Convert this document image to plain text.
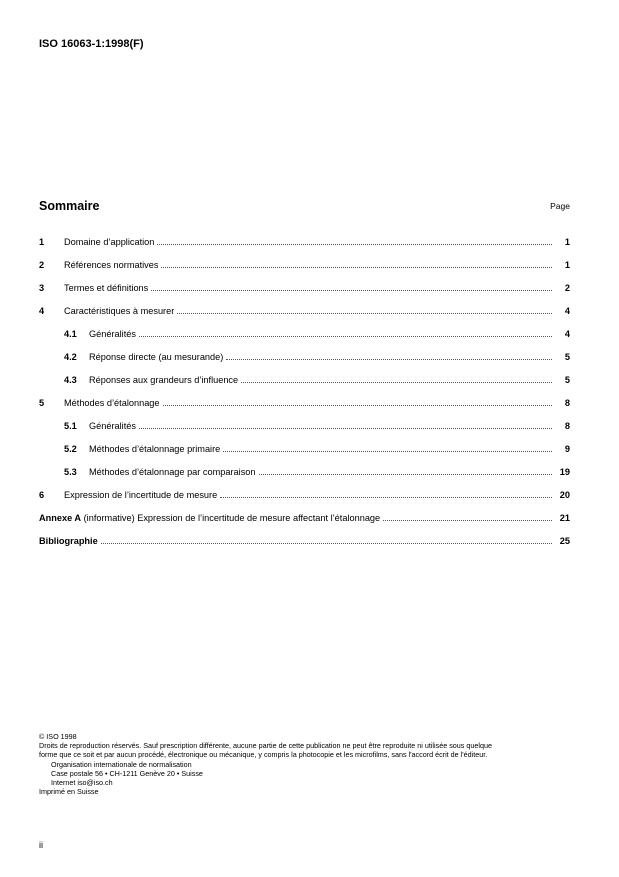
ISO 16063-1:1998(F)
Sommaire	Page
1	Domaine d’application	1
2	Références normatives	1
3	Termes et définitions	2
4	Caractéristiques à mesurer	4
4.1	Généralités	4
4.2	Réponse directe (au mesurande)	5
4.3	Réponses aux grandeurs d’influence	5
5	Méthodes d’étalonnage	8
5.1	Généralités	8
5.2	Méthodes d’étalonnage primaire	9
5.3	Méthodes d’étalonnage par comparaison	19
6	Expression de l’incertitude de mesure	20
Annexe A (informative) Expression de l’incertitude de mesure affectant l’étalonnage	21
Bibliographie	25
© ISO 1998
Droits de reproduction réservés. Sauf prescription différente, aucune partie de cette publication ne peut être reproduite ni utilisée sous quelque
forme que ce soit et par aucun procédé, électronique ou mécanique, y compris la photocopie et les microfilms, sans l'accord écrit de l'éditeur.
Organisation internationale de normalisation
Case postale 56 • CH-1211 Genève 20 • Suisse
Internet iso@iso.ch
Imprimé en Suisse
ii
